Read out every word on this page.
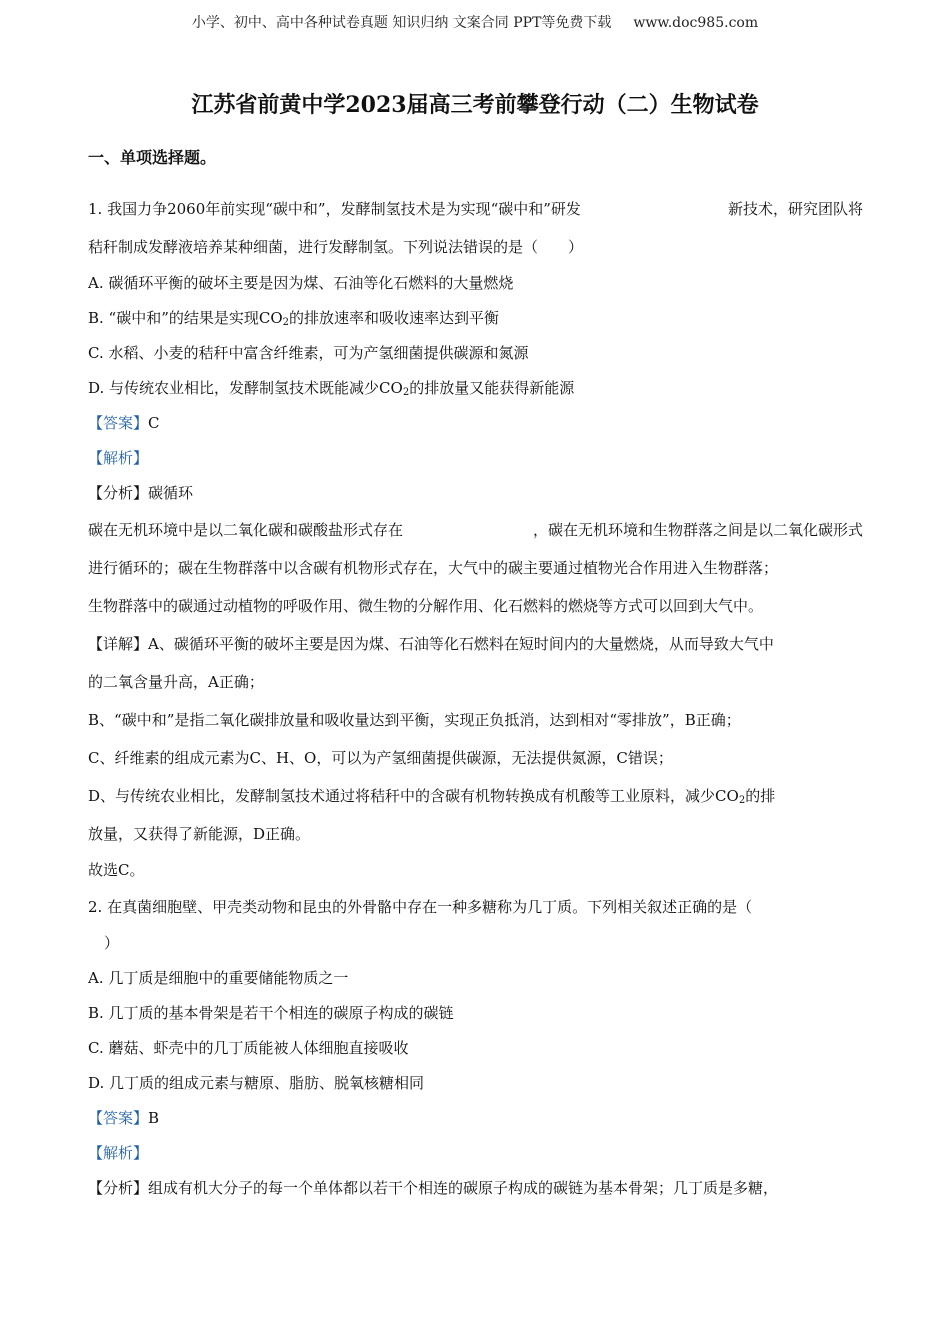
小学、初中、高中各种试卷真题 知识归纳 文案合同 PPT等免费下载 www.doc985.com
江苏省前黄中学2023届高三考前攀登行动（二）生物试卷
一、单项选择题。
1. 我国力争2060年前实现“碳中和”，发酵制氢技术是为实现“碳中和”研发	新技术，研究团队将
秸秆制成发酵液培养某种细菌，进行发酵制氢。下列说法错误的是（　　）
A. 碳循环平衡的破坏主要是因为煤、石油等化石燃料的大量燃烧
B. “碳中和”的结果是实现$CO_2$的排放速率和吸收速率达到平衡
C. 水稻、小麦的秸秆中富含纤维素，可为产氢细菌提供碳源和氮源
D. 与传统农业相比，发酵制氢技术既能减少$CO_2$的排放量又能获得新能源
【答案】C
【解析】
【分析】碳循环
碳在无机环境中是以二氧化碳和碳酸盐形式存在	，碳在无机环境和生物群落之间是以二氧化碳形式
进行循环的；碳在生物群落中以含碳有机物形式存在，大气中的碳主要通过植物光合作用进入生物群落；
生物群落中的碳通过动植物的呼吸作用、微生物的分解作用、化石燃料的燃烧等方式可以回到大气中。
【详解】A、碳循环平衡的破坏主要是因为煤、石油等化石燃料在短时间内的大量燃烧，从而导致大气中
的二氧含量升高，A正确；
B、“碳中和”是指二氧化碳排放量和吸收量达到平衡，实现正负抵消，达到相对“零排放”，B正确；
C、纤维素的组成元素为C、H、O，可以为产氢细菌提供碳源，无法提供氮源，C错误；
D、与传统农业相比，发酵制氢技术通过将秸秆中的含碳有机物转换成有机酸等工业原料，减少$CO_2$的排
放量，又获得了新能源，D正确。
故选C。
2. 在真菌细胞壁、甲壳类动物和昆虫的外骨骼中存在一种多糖称为几丁质。下列相关叙述正确的是（
）
A. 几丁质是细胞中的重要储能物质之一
B. 几丁质的基本骨架是若干个相连的碳原子构成的碳链
C. 蘑菇、虾壳中的几丁质能被人体细胞直接吸收
D. 几丁质的组成元素与糖原、脂肪、脱氧核糖相同
【答案】B
【解析】
【分析】组成有机大分子的每一个单体都以若干个相连的碳原子构成的碳链为基本骨架；几丁质是多糖，
